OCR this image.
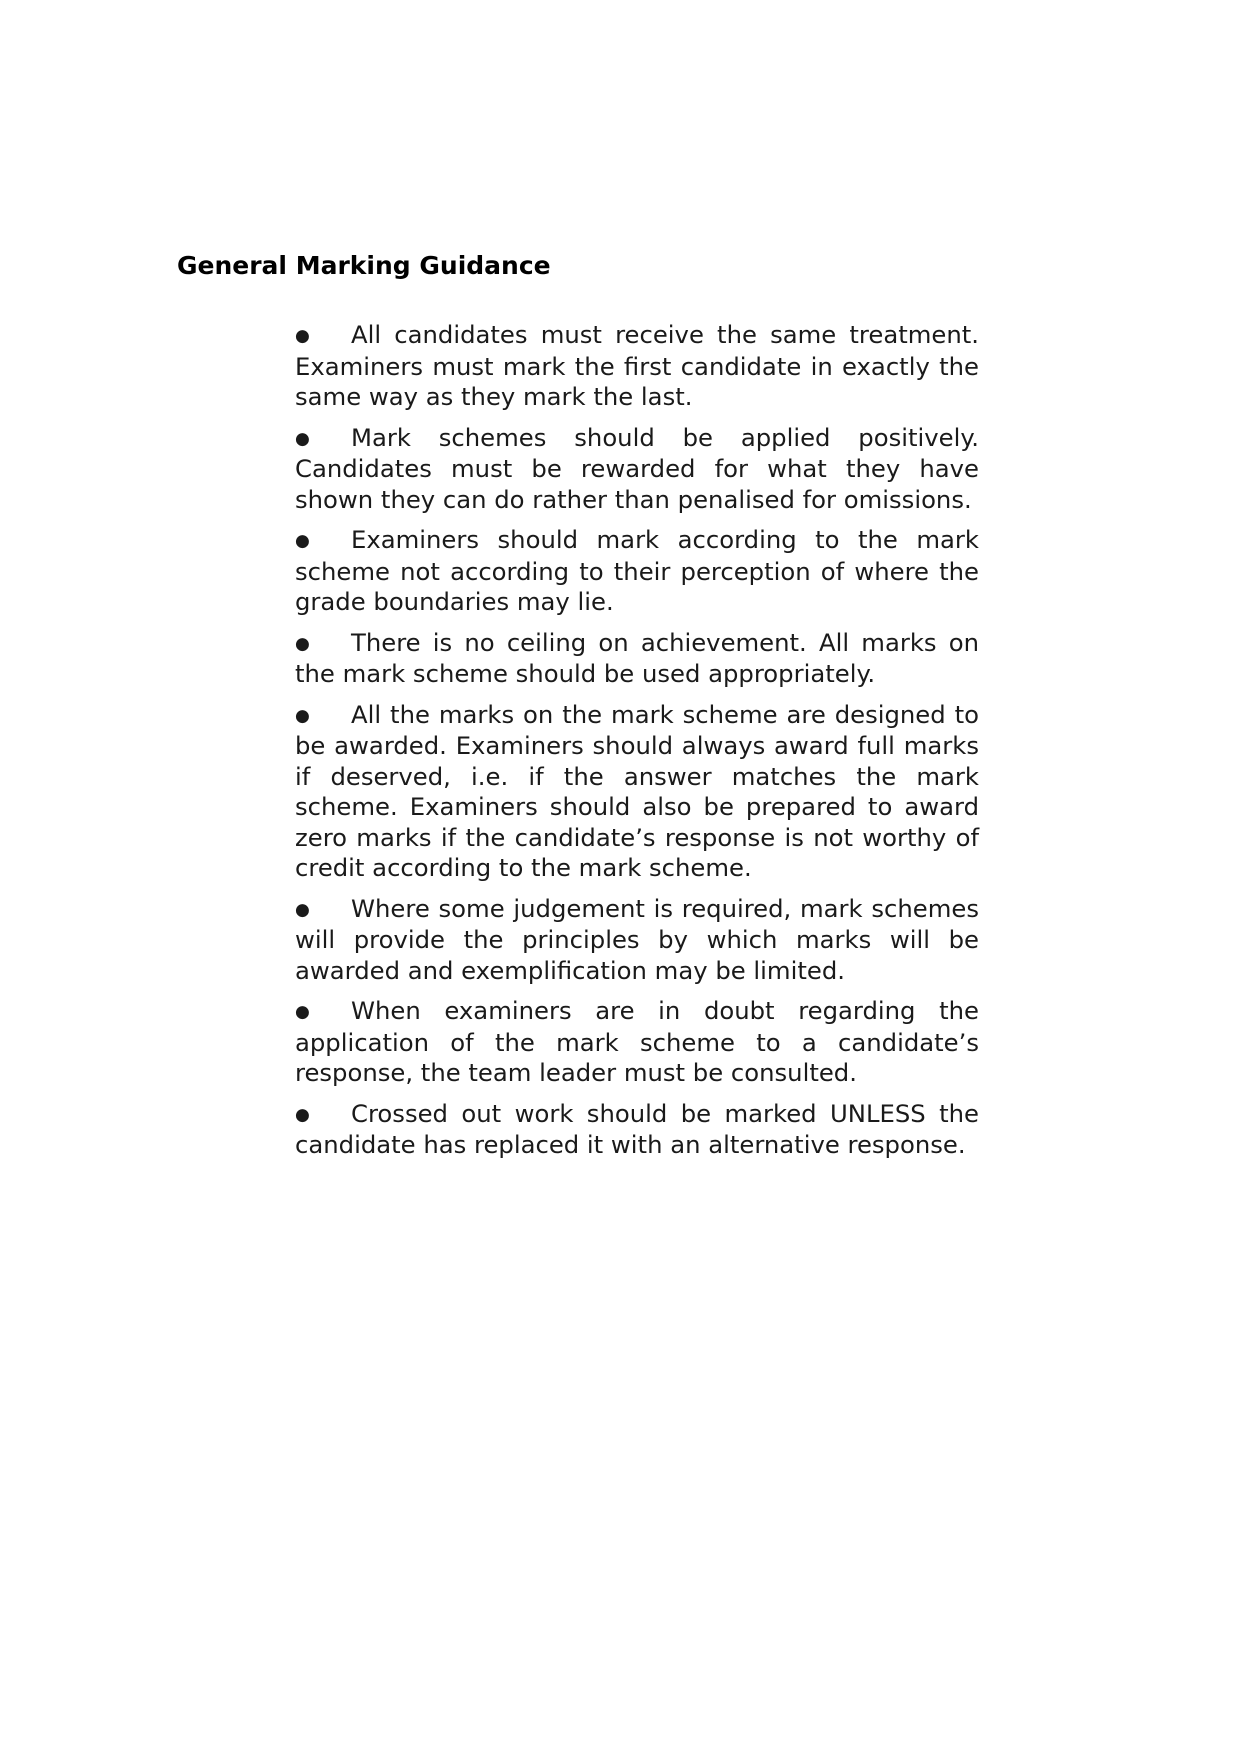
General Marking Guidance
● All candidates must receive the same treatment. Examiners must mark the first candidate in exactly the same way as they mark the last.
● Mark schemes should be applied positively. Candidates must be rewarded for what they have shown they can do rather than penalised for omissions.
● Examiners should mark according to the mark scheme not according to their perception of where the grade boundaries may lie.
● There is no ceiling on achievement. All marks on the mark scheme should be used appropriately.
● All the marks on the mark scheme are designed to be awarded. Examiners should always award full marks if deserved, i.e. if the answer matches the mark scheme. Examiners should also be prepared to award zero marks if the candidate’s response is not worthy of credit according to the mark scheme.
● Where some judgement is required, mark schemes will provide the principles by which marks will be awarded and exemplification may be limited.
● When examiners are in doubt regarding the application of the mark scheme to a candidate’s response, the team leader must be consulted.
● Crossed out work should be marked UNLESS the candidate has replaced it with an alternative response.
